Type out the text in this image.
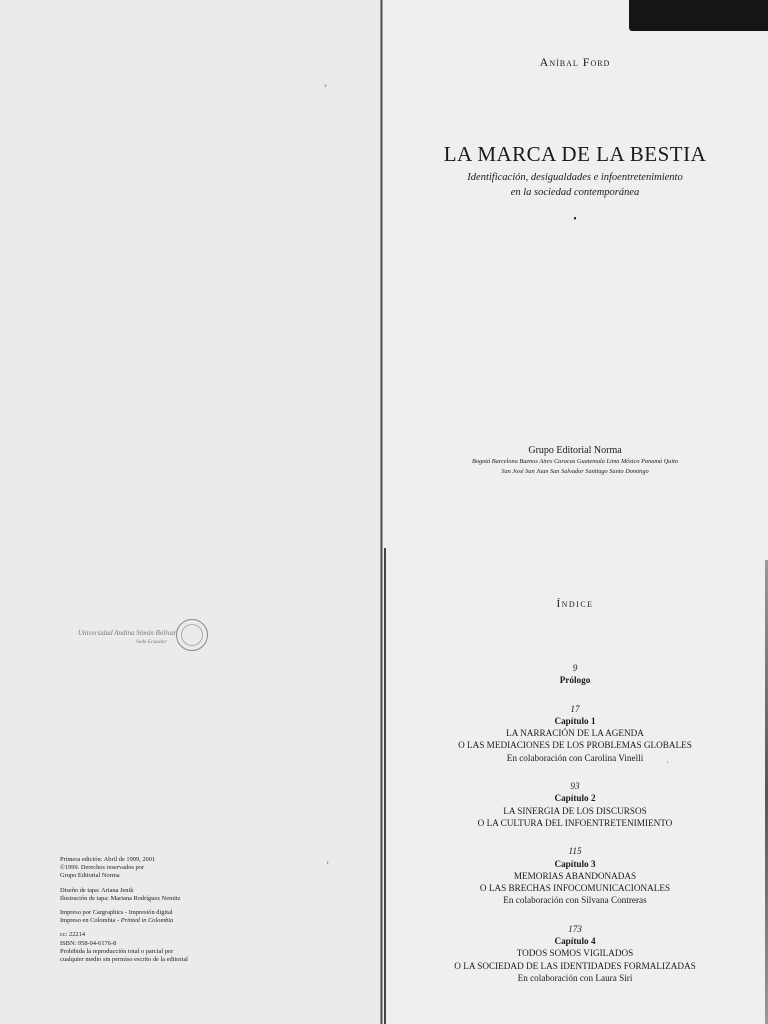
›
›
·
Aníbal Ford
LA MARCA DE LA BESTIA
Identificación, desigualdades e infoentretenimiento
en la sociedad contemporánea
•
Grupo Editorial Norma
Bogotá Barcelona Buenos Aires Caracas Guatemala Lima México Panamá Quito
San José San Juan San Salvador Santiago Santo Domingo
Índice
9
Prólogo
17
Capítulo 1
LA NARRACIÓN DE LA AGENDA
O LAS MEDIACIONES DE LOS PROBLEMAS GLOBALES
En colaboración con Carolina Vinelli
93
Capítulo 2
LA SINERGIA DE LOS DISCURSOS
O LA CULTURA DEL INFOENTRETENIMIENTO
115
Capítulo 3
MEMORIAS ABANDONADAS
O LAS BRECHAS INFOCOMUNICACIONALES
En colaboración con Silvana Contreras
173
Capítulo 4
TODOS SOMOS VIGILADOS
O LA SOCIEDAD DE LAS IDENTIDADES FORMALIZADAS
En colaboración con Laura Siri
Universidad Andina Simón Bolívar
Sede Ecuador
Primera edición: Abril de 1999, 2001
©1999. Derechos reservados por
Grupo Editorial Norma
Diseño de tapa: Ariana Jenik
Ilustración de tapa: Mariana Rodríguez Nemitz
Impreso por Cargraphics - Impresión digital
Impreso en Colombia - Printed in Colombia
cc: 22214
ISBN: 958-04-6176-8
Prohibida la reproducción total o parcial por
cualquier medio sin permiso escrito de la editorial
